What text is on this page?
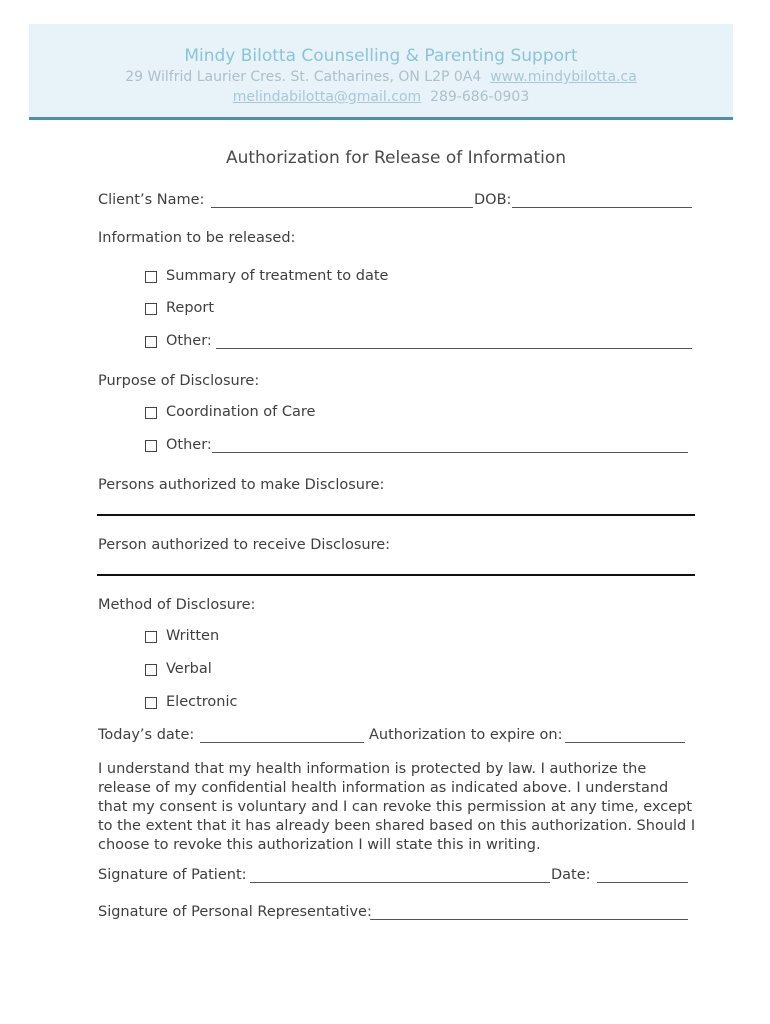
Mindy Bilotta Counselling & Parenting Support
29 Wilfrid Laurier Cres. St. Catharines, ON L2P 0A4 www.mindybilotta.ca
melindabilotta@gmail.com 289-686-0903
Authorization for Release of Information
Client’s Name:	DOB:
Information to be released:
Summary of treatment to date
Report
Other:
Purpose of Disclosure:
Coordination of Care
Other:
Persons authorized to make Disclosure:
Person authorized to receive Disclosure:
Method of Disclosure:
Written
Verbal
Electronic
Today’s date:	Authorization to expire on:
I understand that my health information is protected by law. I authorize the release of my confidential health information as indicated above. I understand that my consent is voluntary and I can revoke this permission at any time, except to the extent that it has already been shared based on this authorization. Should I choose to revoke this authorization I will state this in writing.
Signature of Patient:	Date:
Signature of Personal Representative:
